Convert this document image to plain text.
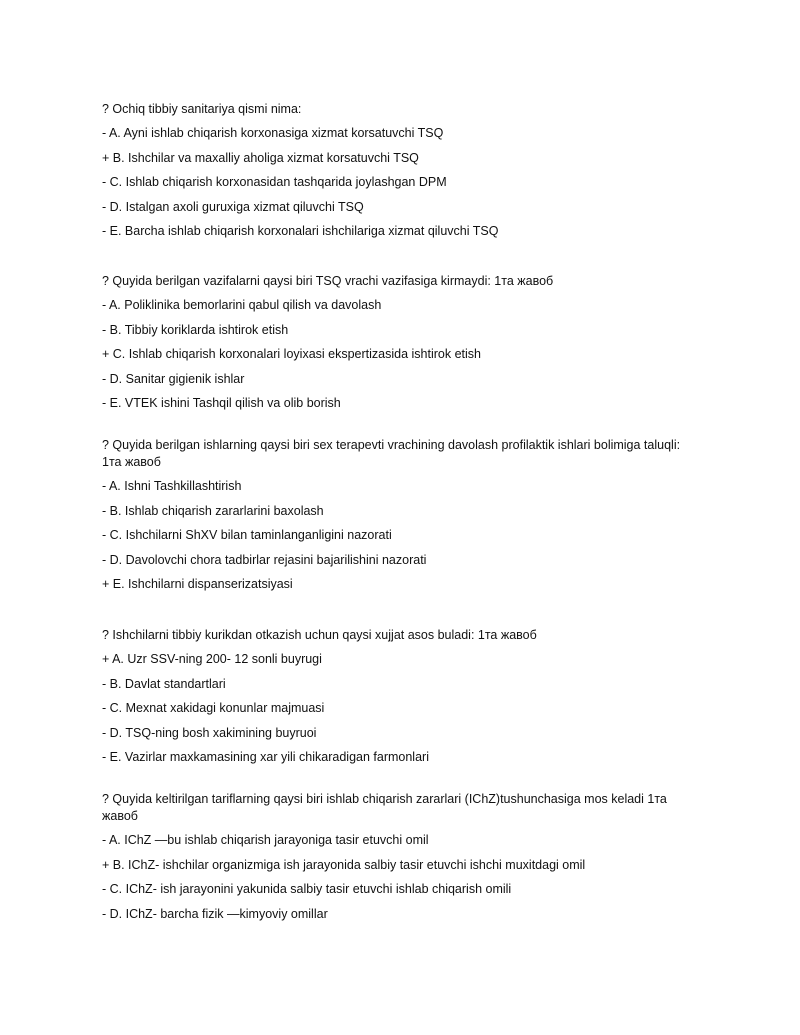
? Ochiq tibbiy sanitariya qismi nima:
- A. Ayni ishlab chiqarish korxonasiga xizmat korsatuvchi TSQ
+ B. Ishchilar va maxalliy aholiga xizmat korsatuvchi TSQ
- C. Ishlab chiqarish korxonasidan tashqarida joylashgan DPM
- D. Istalgan axoli guruxiga xizmat qiluvchi TSQ
- E. Barcha ishlab chiqarish korxonalari ishchilariga xizmat qiluvchi TSQ
? Quyida berilgan vazifalarni qaysi biri TSQ vrachi vazifasiga kirmaydi: 1та жавоб
- A. Poliklinika bemorlarini qabul qilish va davolash
- B. Tibbiy koriklarda ishtirok etish
+ C. Ishlab chiqarish korxonalari loyixasi ekspertizasida ishtirok etish
- D. Sanitar gigienik ishlar
- E. VTEK ishini Tashqil qilish va olib borish
? Quyida berilgan ishlarning qaysi biri sex terapevti vrachining davolash profilaktik ishlari bolimiga taluqli: 1та жавоб
- A. Ishni Tashkillashtirish
- B. Ishlab chiqarish zararlarini baxolash
- C. Ishchilarni ShXV bilan taminlanganligini nazorati
- D. Davolovchi chora tadbirlar rejasini bajarilishini nazorati
+ E. Ishchilarni dispanserizatsiyasi
? Ishchilarni tibbiy kurikdan otkazish uchun qaysi xujjat asos buladi: 1та жавоб
+ A. Uzr SSV-ning 200- 12 sonli buyrugi
- B. Davlat standartlari
- C. Mexnat xakidagi konunlar majmuasi
- D. TSQ-ning bosh xakimining buyruoi
- E. Vazirlar maxkamasining xar yili chikaradigan farmonlari
? Quyida keltirilgan tariflarning qaysi biri ishlab chiqarish zararlari (IChZ)tushunchasiga mos keladi 1та жавоб
- A. IChZ —bu ishlab chiqarish jarayoniga tasir etuvchi omil
+ B. IChZ- ishchilar organizmiga ish jarayonida salbiy tasir etuvchi ishchi muxitdagi omil
- C. IChZ- ish jarayonini yakunida salbiy tasir etuvchi ishlab chiqarish omili
- D. IChZ- barcha fizik —kimyoviy omillar
